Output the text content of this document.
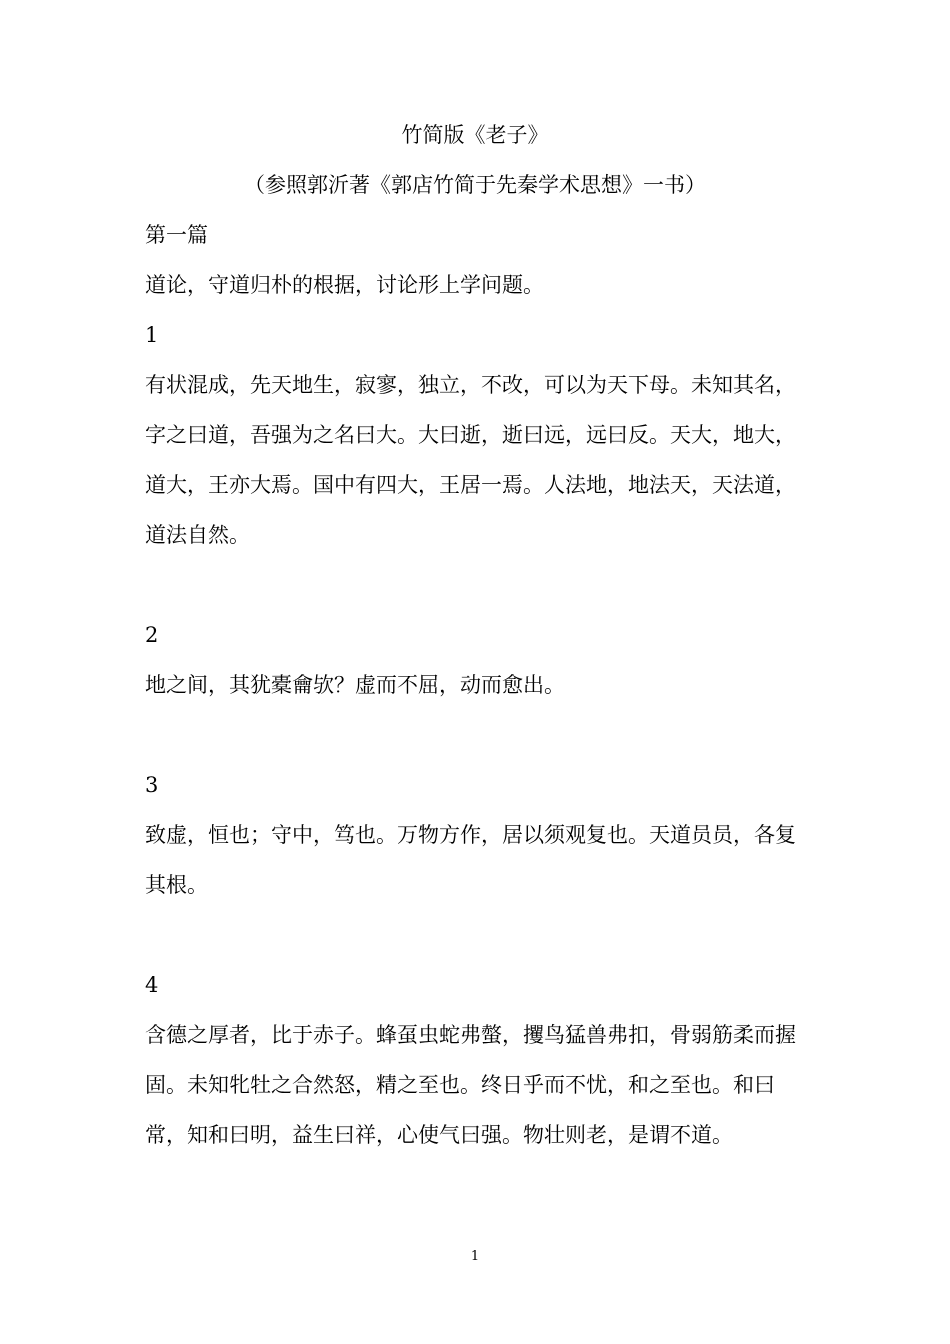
竹简版《老子》
（参照郭沂著《郭店竹简于先秦学术思想》一书）
第一篇
道论，守道归朴的根据，讨论形上学问题。
1
有状混成，先天地生，寂寥，独立，不改，可以为天下母。未知其名，字之曰道，吾强为之名曰大。大曰逝，逝曰远，远曰反。天大，地大，道大，王亦大焉。国中有四大，王居一焉。人法地，地法天，天法道，道法自然。
2
地之间，其犹橐龠欤？虚而不屈，动而愈出。
3
致虚，恒也；守中，笃也。万物方作，居以须观复也。天道员员，各复其根。
4
含德之厚者，比于赤子。蜂虿虫蛇弗螫，攫鸟猛兽弗扣，骨弱筋柔而握固。未知牝牡之合然怒，精之至也。终日乎而不忧，和之至也。和曰常，知和曰明，益生曰祥，心使气曰强。物壮则老，是谓不道。
1
